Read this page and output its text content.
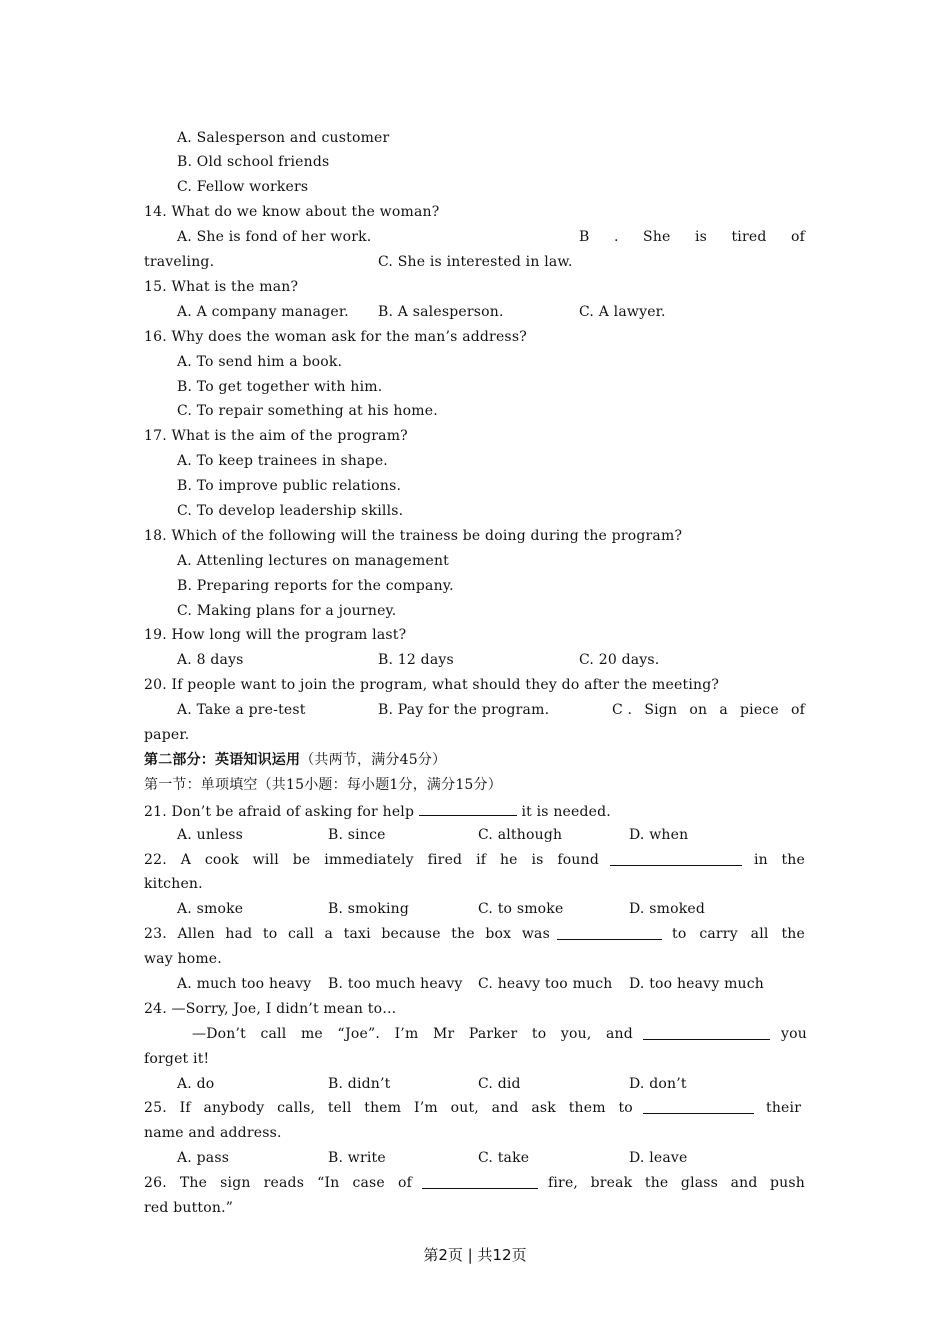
A. Salesperson and customer
B. Old school friends
C. Fellow workers
14. What do we know about the woman?
A. She is fond of her work.	B . She is tired of
traveling.	C. She is interested in law.
15. What is the man?
A. A company manager. B. A salesperson.	C. A lawyer.
16. Why does the woman ask for the man’s address?
A. To send him a book.
B. To get together with him.
C. To repair something at his home.
17. What is the aim of the program?
A. To keep trainees in shape.
B. To improve public relations.
C. To develop leadership skills.
18. Which of the following will the trainess be doing during the program?
A. Attenling lectures on management
B. Preparing reports for the company.
C. Making plans for a journey.
19. How long will the program last?
A. 8 days	B. 12 days	C. 20 days.
20. If people want to join the program, what should they do after the meeting?
A. Take a pre-test	B. Pay for the program.	C . Sign on a piece of
paper.
第二部分：英语知识运用（共两节，满分45分）
第一节：单项填空（共15小题：每小题1分，满分15分）
21. Don’t be afraid of asking for help	it is needed.
A. unless	B. since	C. although	D. when
22. A cook will be immediately fired if he is found	in the
kitchen.
A. smoke	B. smoking	C. to smoke	D. smoked
23. Allen had to call a taxi because the box was	to carry all the
way home.
A. much too heavy B. too much heavy C. heavy too much D. too heavy much
24. —Sorry, Joe, I didn’t mean to…
—Don’t call me “Joe”. I’m Mr Parker to you, and	you
forget it!
A. do	B. didn’t	C. did	D. don’t
25. If anybody calls, tell them I’m out, and ask them to	their
name and address.
A. pass	B. write	C. take	D. leave
26. The sign reads “In case of	fire, break the glass and push
red button.”
第2页 | 共12页
